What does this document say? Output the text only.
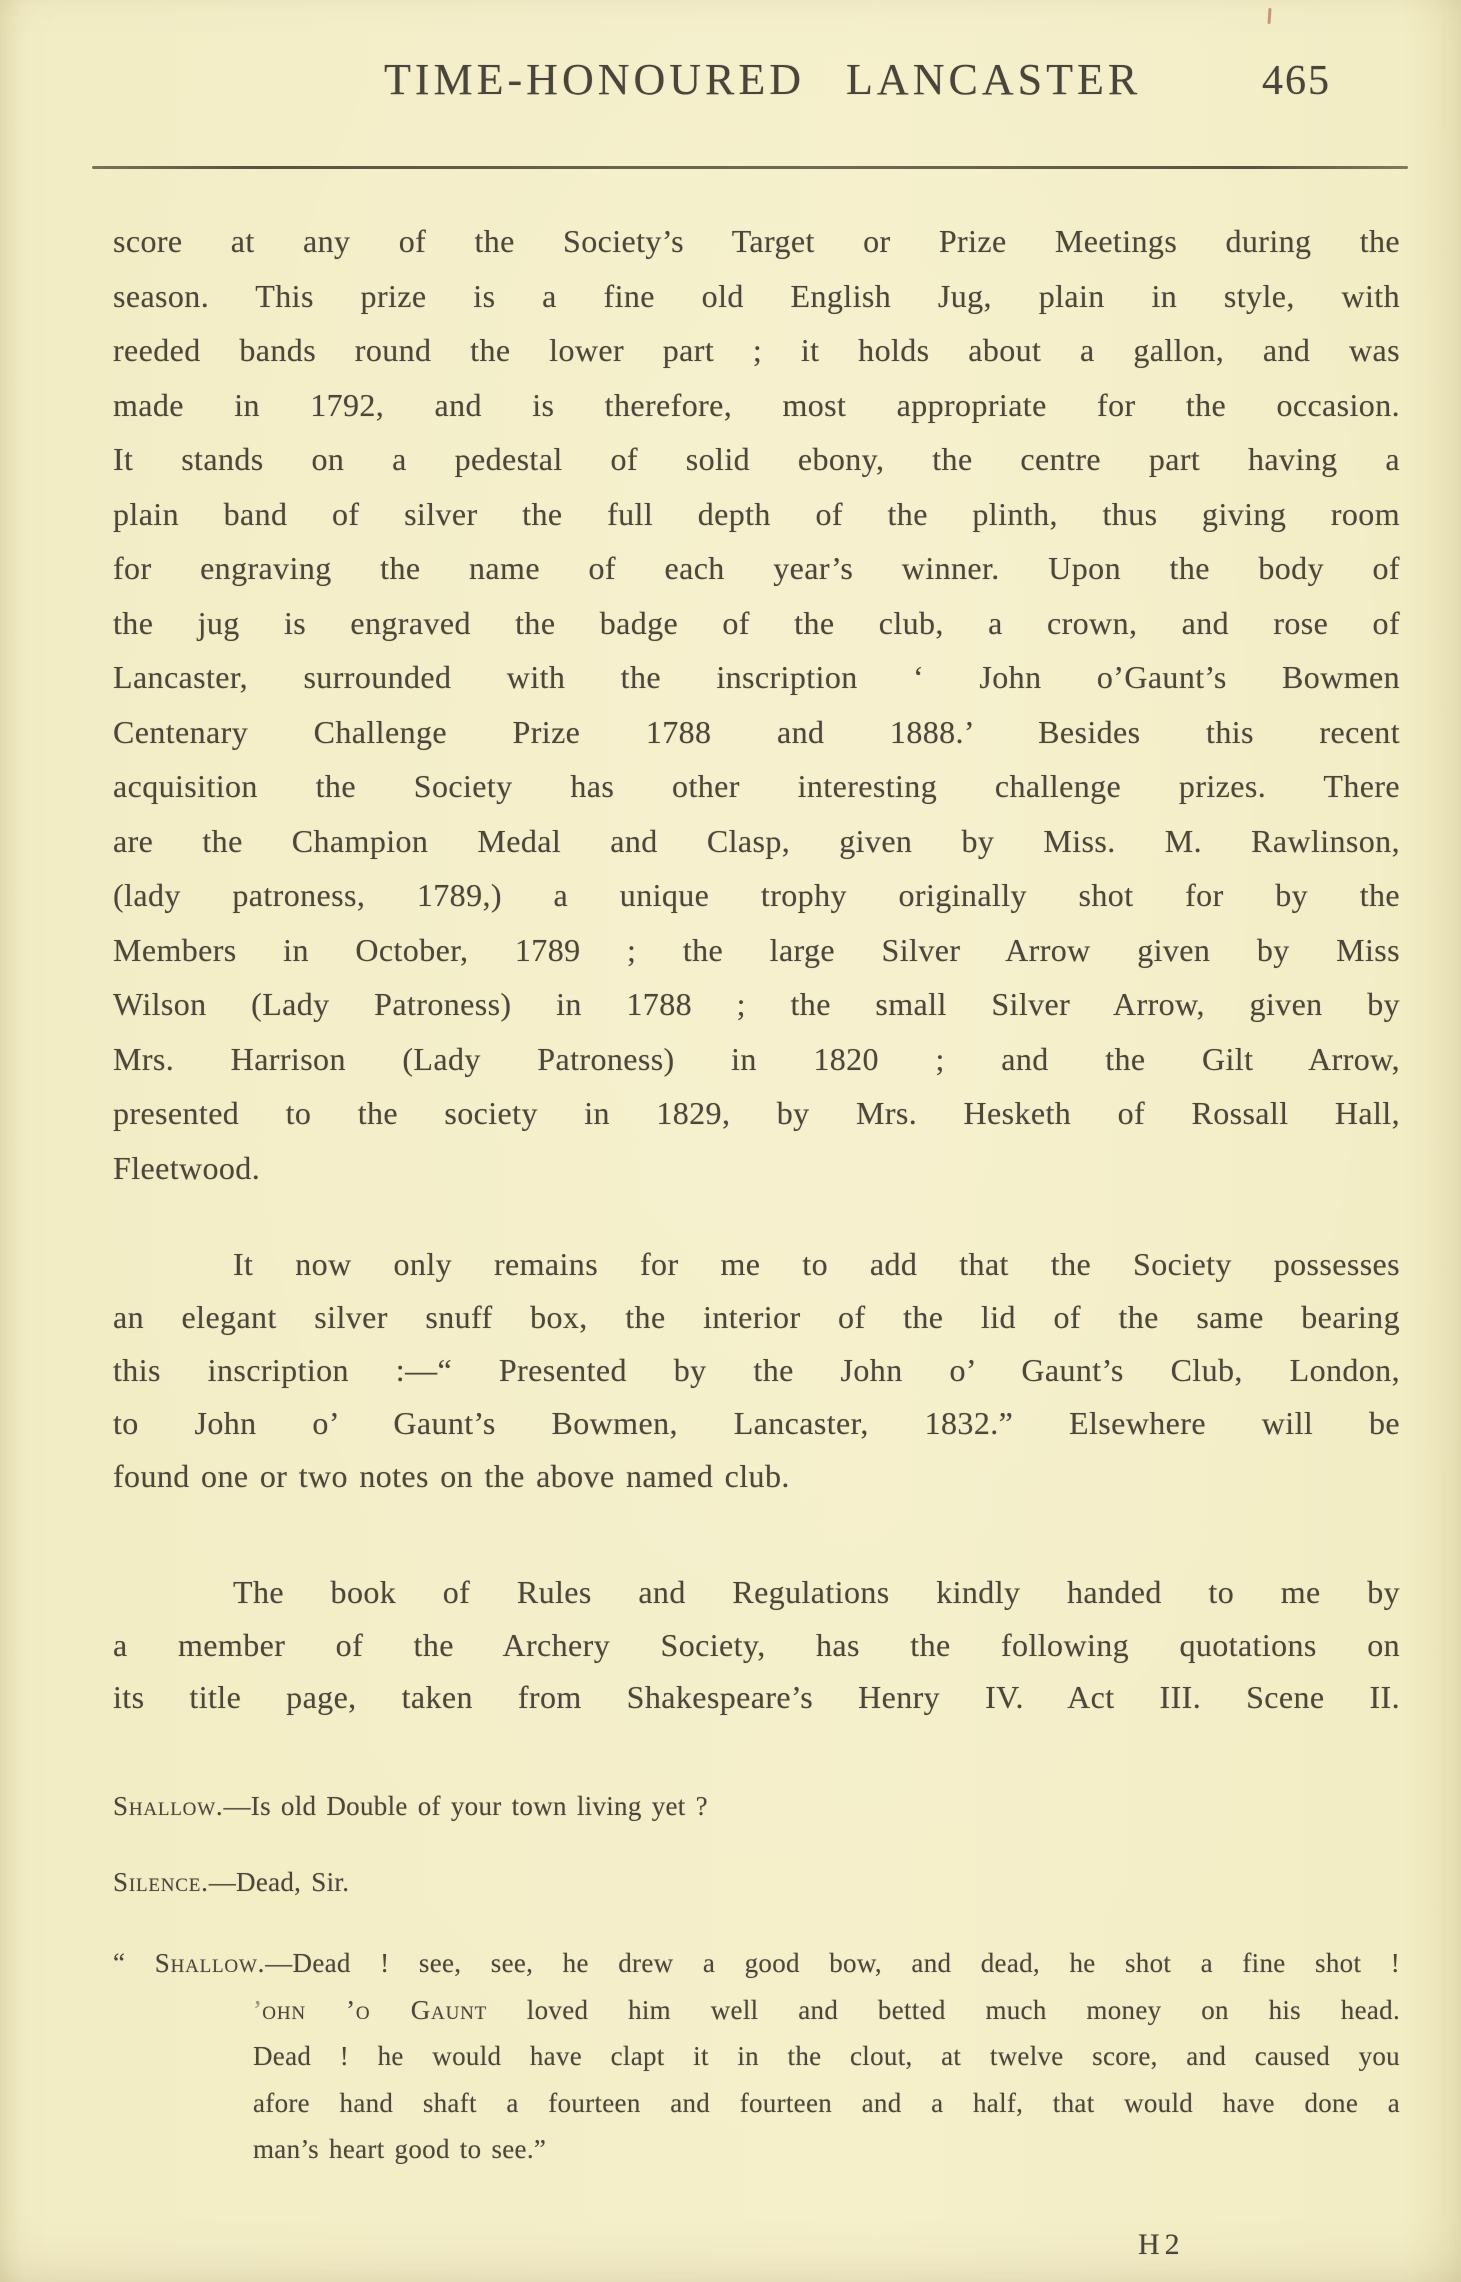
TIME-HONOURED LANCASTER	465
score at any of the Society’s Target or Prize Meetings during the
season. This prize is a fine old English Jug, plain in style, with
reeded bands round the lower part ; it holds about a gallon, and was
made in 1792, and is therefore, most appropriate for the occasion.
It stands on a pedestal of solid ebony, the centre part having a
plain band of silver the full depth of the plinth, thus giving room
for engraving the name of each year’s winner. Upon the body of
the jug is engraved the badge of the club, a crown, and rose of
Lancaster, surrounded with the inscription ‘ John o’Gaunt’s Bowmen
Centenary Challenge Prize 1788 and 1888.’ Besides this recent
acquisition the Society has other interesting challenge prizes. There
are the Champion Medal and Clasp, given by Miss. M. Rawlinson,
(lady patroness, 1789,) a unique trophy originally shot for by the
Members in October, 1789 ; the large Silver Arrow given by Miss
Wilson (Lady Patroness) in 1788 ; the small Silver Arrow, given by
Mrs. Harrison (Lady Patroness) in 1820 ; and the Gilt Arrow,
presented to the society in 1829, by Mrs. Hesketh of Rossall Hall,
Fleetwood.
It now only remains for me to add that the Society possesses
an elegant silver snuff box, the interior of the lid of the same bearing
this inscription :—“ Presented by the John o’ Gaunt’s Club, London,
to John o’ Gaunt’s Bowmen, Lancaster, 1832.” Elsewhere will be
found one or two notes on the above named club.
The book of Rules and Regulations kindly handed to me by
a member of the Archery Society, has the following quotations on
its title page, taken from Shakespeare’s Henry IV. Act III. Scene II.
Shallow.—Is old Double of your town living yet ?
Silence.—Dead, Sir.
“ Shallow.—Dead ! see, see, he drew a good bow, and dead, he shot a fine shot !
’ohn ’o Gaunt loved him well and betted much money on his head.
Dead ! he would have clapt it in the clout, at twelve score, and caused you
afore hand shaft a fourteen and fourteen and a half, that would have done a
man’s heart good to see.”
H2
